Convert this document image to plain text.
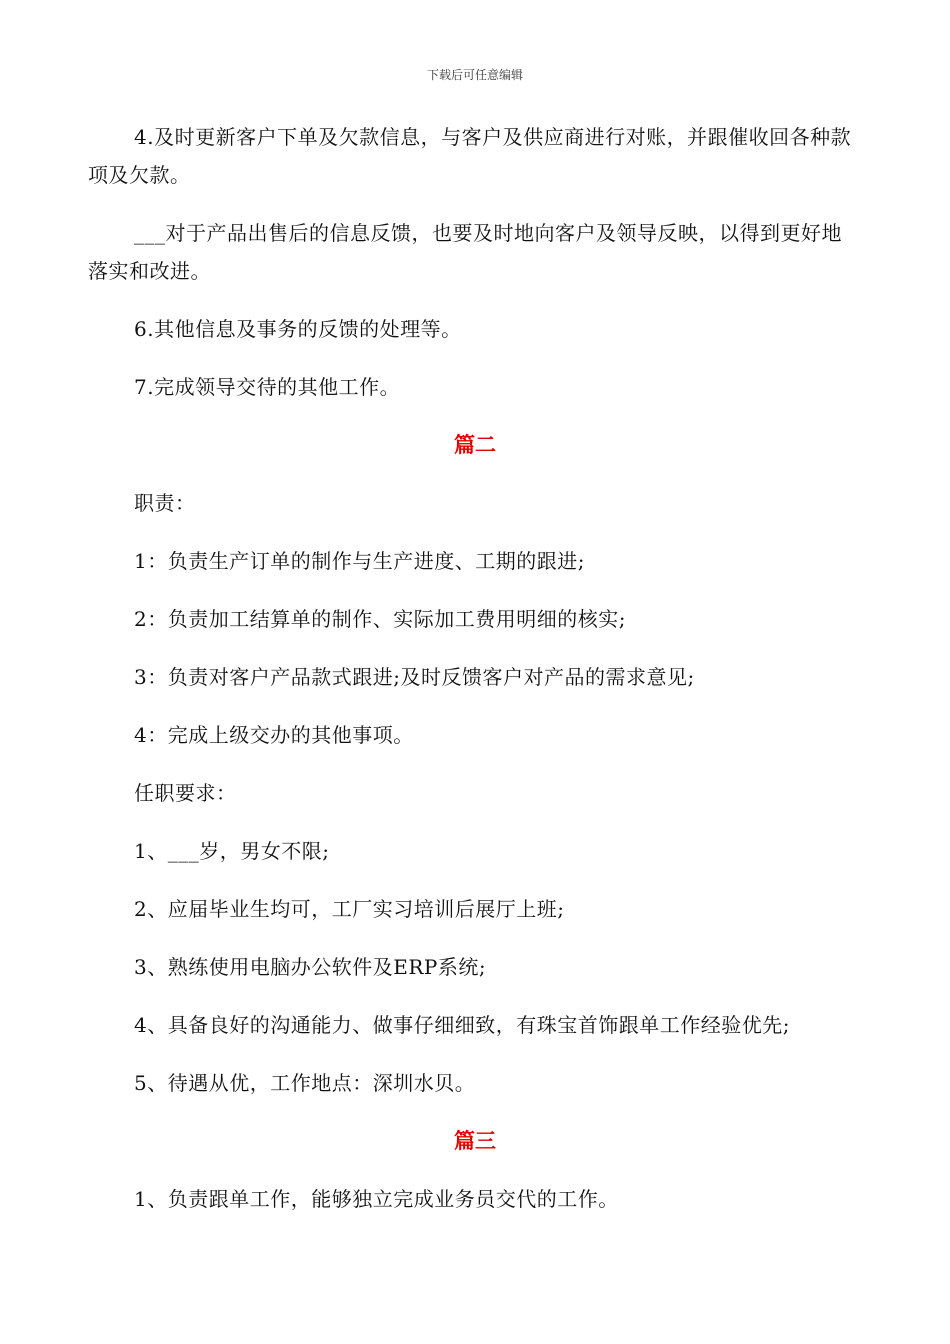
下载后可任意编辑

4.及时更新客户下单及欠款信息，与客户及供应商进行对账，并跟催收回各种款项及欠款。

___对于产品出售后的信息反馈，也要及时地向客户及领导反映，以得到更好地落实和改进。

6.其他信息及事务的反馈的处理等。

7.完成领导交待的其他工作。

篇二

职责：

1：负责生产订单的制作与生产进度、工期的跟进;

2：负责加工结算单的制作、实际加工费用明细的核实;

3：负责对客户产品款式跟进;及时反馈客户对产品的需求意见;

4：完成上级交办的其他事项。

任职要求：

1、___岁，男女不限;

2、应届毕业生均可，工厂实习培训后展厅上班;

3、熟练使用电脑办公软件及ERP系统;

4、具备良好的沟通能力、做事仔细细致，有珠宝首饰跟单工作经验优先;

5、待遇从优，工作地点：深圳水贝。

篇三

1、负责跟单工作，能够独立完成业务员交代的工作。
